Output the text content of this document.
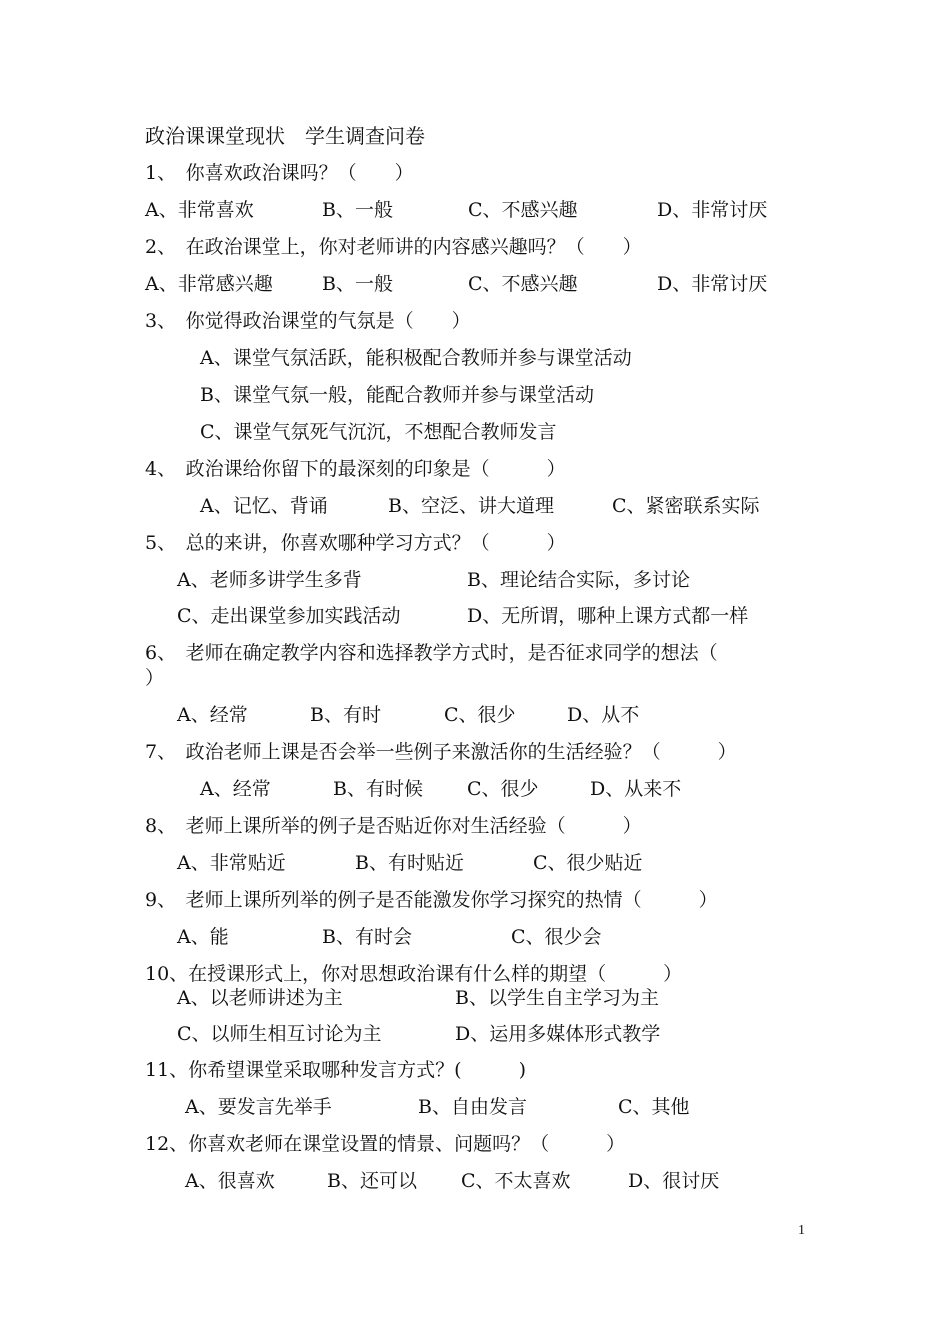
政治课课堂现状　学生调查问卷
1、　你喜欢政治课吗？（　　）
A、非常喜欢	B、一般	C、不感兴趣	D、非常讨厌
2、　在政治课堂上，你对老师讲的内容感兴趣吗？（　　）
A、非常感兴趣	B、一般	C、不感兴趣	D、非常讨厌
3、　你觉得政治课堂的气氛是（　　）
A、课堂气氛活跃，能积极配合教师并参与课堂活动
B、课堂气氛一般，能配合教师并参与课堂活动
C、课堂气氛死气沉沉，不想配合教师发言
4、　政治课给你留下的最深刻的印象是（　　　）
A、记忆、背诵	B、空泛、讲大道理	C、紧密联系实际
5、　总的来讲，你喜欢哪种学习方式？（　　　）
A、老师多讲学生多背	B、理论结合实际，多讨论
C、走出课堂参加实践活动	D、无所谓，哪种上课方式都一样
6、　老师在确定教学内容和选择教学方式时，是否征求同学的想法（
）
A、经常	B、有时	C、很少	D、从不
7、　政治老师上课是否会举一些例子来激活你的生活经验？（　　　）
A、经常	B、有时候 C、很少	D、从来不
8、　老师上课所举的例子是否贴近你对生活经验（　　　）
A、非常贴近	B、有时贴近	C、很少贴近
9、　老师上课所列举的例子是否能激发你学习探究的热情（　　　）
A、能	B、有时会	C、很少会
10、在授课形式上，你对思想政治课有什么样的期望（　　　）
A、以老师讲述为主	B、以学生自主学习为主
C、以师生相互讨论为主	D、运用多媒体形式教学
11、你希望课堂采取哪种发言方式？(　　　)
A、要发言先举手	B、自由发言	C、其他
12、你喜欢老师在课堂设置的情景、问题吗？（　　　）
A、很喜欢	B、还可以 C、不太喜欢	D、很讨厌
1
